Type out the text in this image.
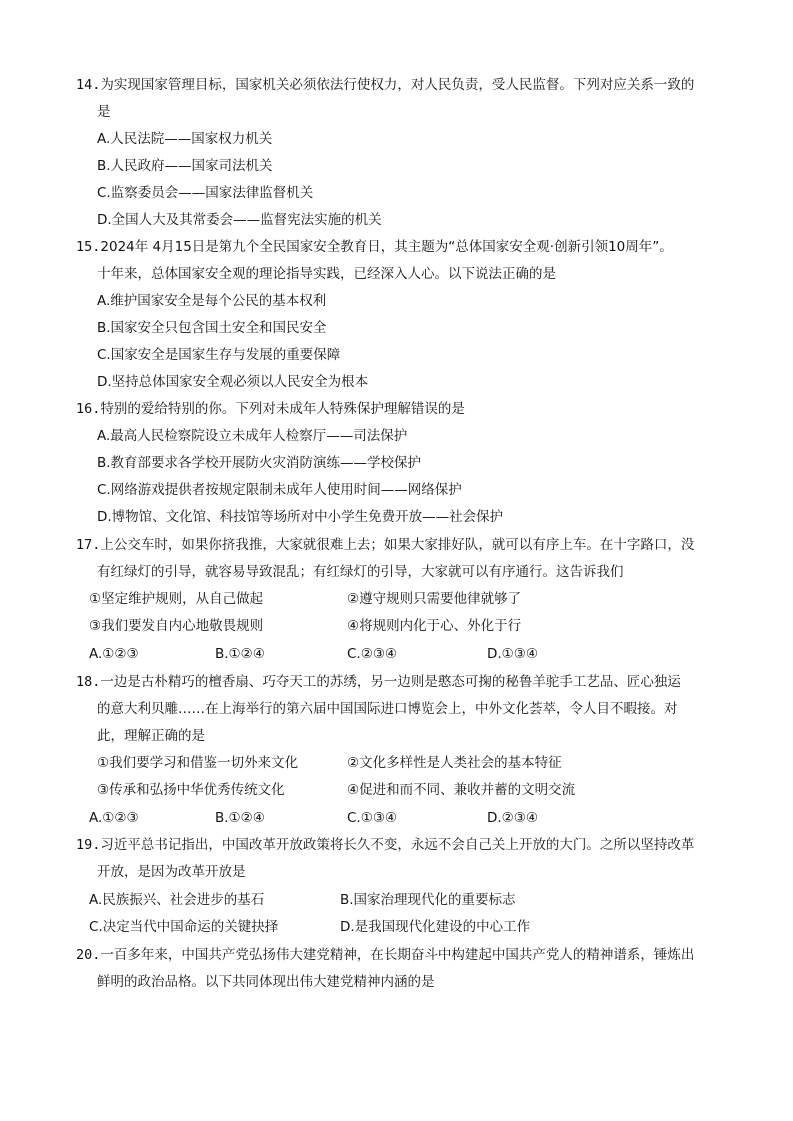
14.为实现国家管理目标，国家机关必须依法行使权力，对人民负责，受人民监督。下列对应关系一致的
是
A.人民法院——国家权力机关
B.人民政府——国家司法机关
C.监察委员会——国家法律监督机关
D.全国人大及其常委会——监督宪法实施的机关
15.2024年 4月15日是第九个全民国家安全教育日，其主题为“总体国家安全观·创新引领10周年”。
十年来，总体国家安全观的理论指导实践，已经深入人心。以下说法正确的是
A.维护国家安全是每个公民的基本权利
B.国家安全只包含国土安全和国民安全
C.国家安全是国家生存与发展的重要保障
D.坚持总体国家安全观必须以人民安全为根本
16.特别的爱给特别的你。下列对未成年人特殊保护理解错误的是
A.最高人民检察院设立未成年人检察厅——司法保护
B.教育部要求各学校开展防火灾消防演练——学校保护
C.网络游戏提供者按规定限制未成年人使用时间——网络保护
D.博物馆、文化馆、科技馆等场所对中小学生免费开放——社会保护
17.上公交车时，如果你挤我推，大家就很难上去；如果大家排好队，就可以有序上车。在十字路口，没
有红绿灯的引导，就容易导致混乱；有红绿灯的引导，大家就可以有序通行。这告诉我们
①坚定维护规则，从自己做起	②遵守规则只需要他律就够了
③我们要发自内心地敬畏规则	④将规则内化于心、外化于行
A.①②③	B.①②④	C.②③④	D.①③④
18.一边是古朴精巧的檀香扇、巧夺天工的苏绣，另一边则是憨态可掬的秘鲁羊驼手工艺品、匠心独运
的意大利贝雕……在上海举行的第六届中国国际进口博览会上，中外文化荟萃，令人目不暇接。对
此，理解正确的是
①我们要学习和借鉴一切外来文化	②文化多样性是人类社会的基本特征
③传承和弘扬中华优秀传统文化	④促进和而不同、兼收并蓄的文明交流
A.①②③	B.①②④	C.①③④	D.②③④
19.习近平总书记指出，中国改革开放政策将长久不变，永远不会自己关上开放的大门。之所以坚持改革
开放，是因为改革开放是
A.民族振兴、社会进步的基石	B.国家治理现代化的重要标志
C.决定当代中国命运的关键抉择	D.是我国现代化建设的中心工作
20.一百多年来，中国共产党弘扬伟大建党精神，在长期奋斗中构建起中国共产党人的精神谱系，锤炼出
鲜明的政治品格。以下共同体现出伟大建党精神内涵的是
